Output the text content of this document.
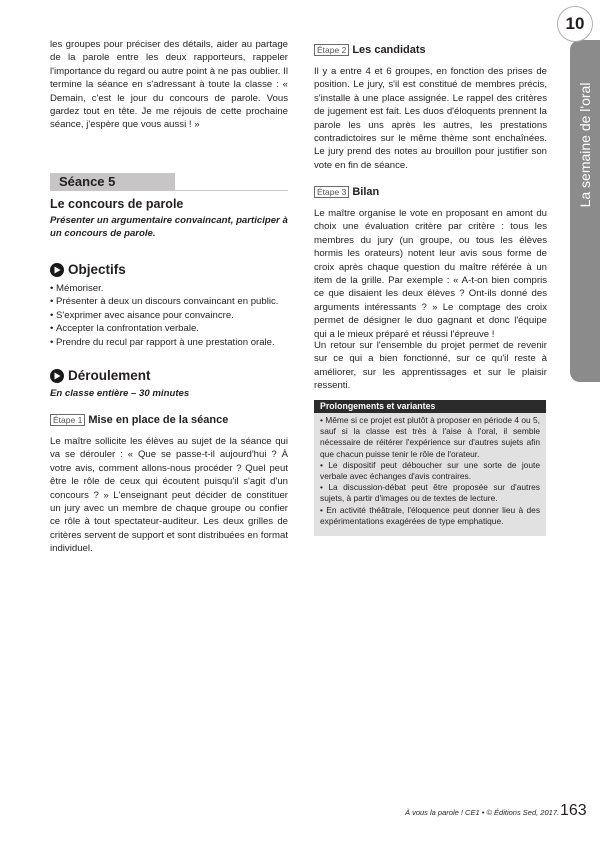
les groupes pour préciser des détails, aider au partage de la parole entre les deux rapporteurs, rappeler l'importance du regard ou autre point à ne pas oublier. Il termine la séance en s'adressant à toute la classe : « Demain, c'est le jour du concours de parole. Vous gardez tout en tête. Je me réjouis de cette prochaine séance, j'espère que vous aussi ! »

Séance 5
Le concours de parole
Présenter un argumentaire convaincant, participer à un concours de parole.
Objectifs
• Mémoriser.
• Présenter à deux un discours convaincant en public.
• S'exprimer avec aisance pour convaincre.
• Accepter la confrontation verbale.
• Prendre du recul par rapport à une prestation orale.
Déroulement
En classe entière – 30 minutes
Étape 1 Mise en place de la séance

Le maître sollicite les élèves au sujet de la séance qui va se dérouler : « Que se passe-t-il aujourd'hui ? À votre avis, comment allons-nous procéder ? Quel peut être le rôle de ceux qui écoutent puisqu'il s'agit d'un concours ? » L'enseignant peut décider de constituer un jury avec un membre de chaque groupe ou confier ce rôle à tout spectateur-auditeur. Les deux grilles de critères servent de support et sont distribuées en format individuel.

Étape 2 Les candidats

Il y a entre 4 et 6 groupes, en fonction des prises de position. Le jury, s'il est constitué de membres précis, s'installe à une place assignée. Le rappel des critères de jugement est fait. Les duos d'éloquents prennent la parole les uns après les autres, les prestations contradictoires sur le même thème sont enchaînées. Le jury prend des notes au brouillon pour justifier son vote en fin de séance.

Étape 3 Bilan

Le maître organise le vote en proposant en amont du choix une évaluation critère par critère : tous les membres du jury (un groupe, ou tous les élèves hormis les orateurs) notent leur avis sous forme de croix après chaque question du maître référée à un item de la grille. Par exemple : « A-t-on bien compris ce que disaient les deux élèves ? Ont-ils donné des arguments intéressants ? » Le comptage des croix permet de désigner le duo gagnant et donc l'équipe qui a le mieux préparé et réussi l'épreuve !

Un retour sur l'ensemble du projet permet de revenir sur ce qui a bien fonctionné, sur ce qu'il reste à améliorer, sur les apprentissages et sur le plaisir ressenti.

Prolongements et variantes
• Même si ce projet est plutôt à proposer en période 4 ou 5, sauf si la classe est très à l'aise à l'oral, il semble nécessaire de réitérer l'expérience sur d'autres sujets afin que chacun puisse tenir le rôle de l'orateur.
• Le dispositif peut déboucher sur une sorte de joute verbale avec échanges d'avis contraires.
• La discussion-débat peut être proposée sur d'autres sujets, à partir d'images ou de textes de lecture.
• En activité théâtrale, l'éloquence peut donner lieu à des expérimentations exagérées de type emphatique.
La semaine de l'oral
10
À vous la parole ! CE1 • © Éditions Sed, 2017. 163
